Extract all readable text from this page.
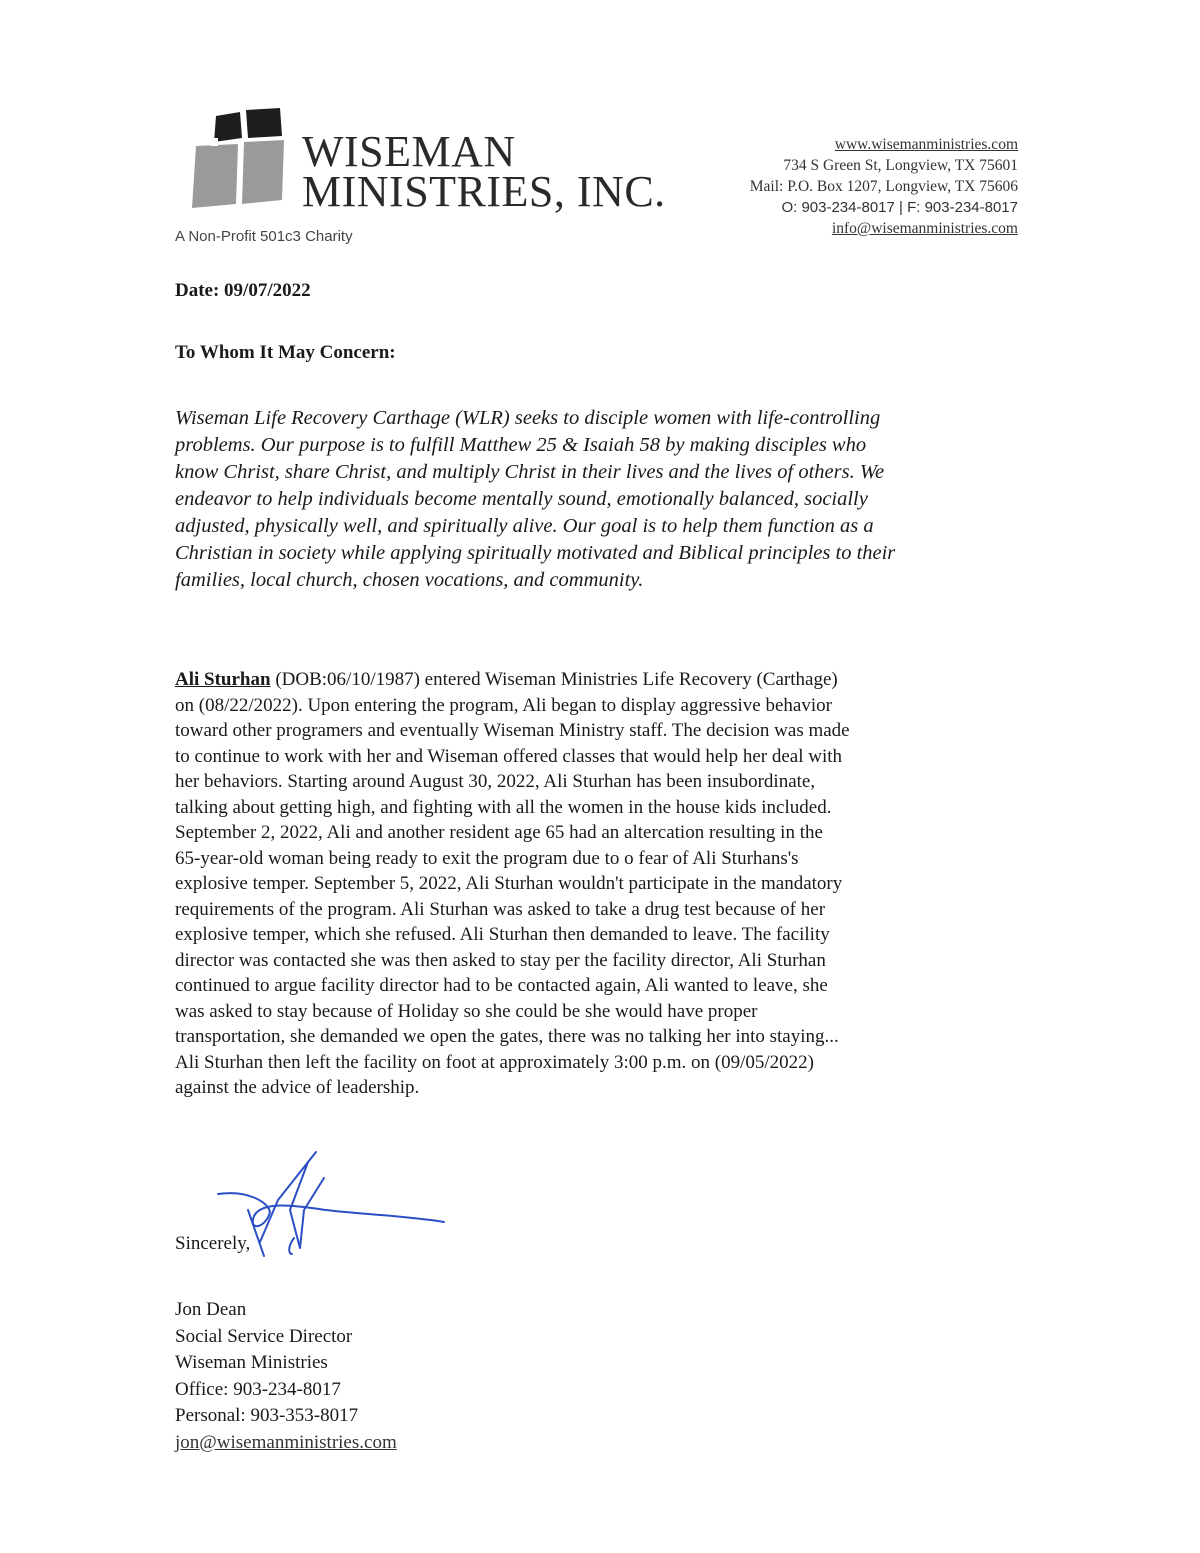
WISEMAN
MINISTRIES, INC.
A Non-Profit 501c3 Charity
www.wisemanministries.com
734 S Green St, Longview, TX 75601
Mail: P.O. Box 1207, Longview, TX 75606
O: 903-234-8017 | F: 903-234-8017
info@wisemanministries.com
Date: 09/07/2022
To Whom It May Concern:
Wiseman Life Recovery Carthage (WLR) seeks to disciple women with life-controlling
problems. Our purpose is to fulfill Matthew 25 & Isaiah 58 by making disciples who
know Christ, share Christ, and multiply Christ in their lives and the lives of others. We
endeavor to help individuals become mentally sound, emotionally balanced, socially
adjusted, physically well, and spiritually alive. Our goal is to help them function as a
Christian in society while applying spiritually motivated and Biblical principles to their
families, local church, chosen vocations, and community.
Ali Sturhan (DOB:06/10/1987) entered Wiseman Ministries Life Recovery (Carthage)
on (08/22/2022). Upon entering the program, Ali began to display aggressive behavior
toward other programers and eventually Wiseman Ministry staff. The decision was made
to continue to work with her and Wiseman offered classes that would help her deal with
her behaviors. Starting around August 30, 2022, Ali Sturhan has been insubordinate,
talking about getting high, and fighting with all the women in the house kids included.
September 2, 2022, Ali and another resident age 65 had an altercation resulting in the
65-year-old woman being ready to exit the program due to o fear of Ali Sturhans's
explosive temper. September 5, 2022, Ali Sturhan wouldn't participate in the mandatory
requirements of the program. Ali Sturhan was asked to take a drug test because of her
explosive temper, which she refused. Ali Sturhan then demanded to leave. The facility
director was contacted she was then asked to stay per the facility director, Ali Sturhan
continued to argue facility director had to be contacted again, Ali wanted to leave, she
was asked to stay because of Holiday so she could be she would have proper
transportation, she demanded we open the gates, there was no talking her into staying...
Ali Sturhan then left the facility on foot at approximately 3:00 p.m. on (09/05/2022)
against the advice of leadership.
Sincerely,
Jon Dean
Social Service Director
Wiseman Ministries
Office: 903-234-8017
Personal: 903-353-8017
jon@wisemanministries.com
